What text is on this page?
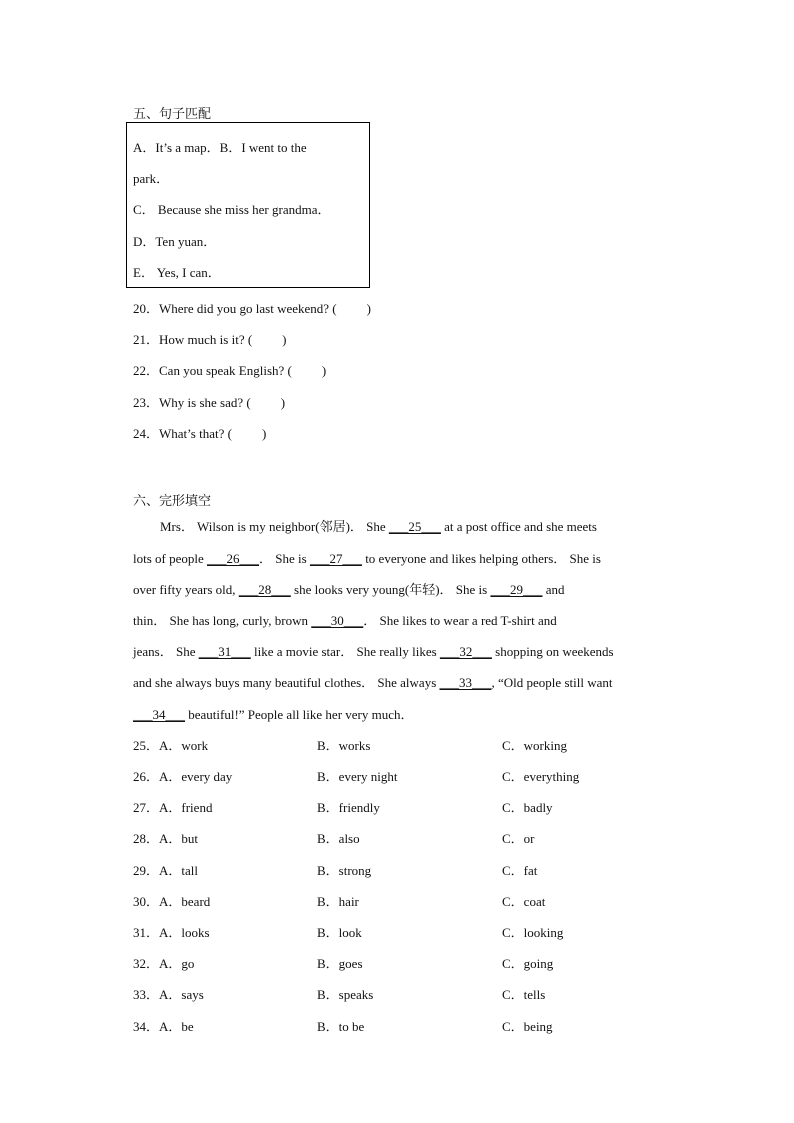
五、句子匹配
A．It’s a map．B．I went to the
park．
C． Because she miss her grandma．
D．Ten yuan．
E． Yes, I can．
20．Where did you go last weekend? ( )
21．How much is it? ( )
22．Can you speak English? ( )
23．Why is she sad? ( )
24．What’s that? ( )
六、完形填空
Mrs． Wilson is my neighbor(邻居)． She ___25___ at a post office and she meets
lots of people ___26___． She is ___27___ to everyone and likes helping others． She is
over fifty years old, ___28___ she looks very young(年轻)． She is ___29___ and
thin． She has long, curly, brown ___30___． She likes to wear a red T-shirt and
jeans． She ___31___ like a movie star． She really likes ___32___ shopping on weekends
and she always buys many beautiful clothes． She always ___33___, “Old people still want
___34___ beautiful!” People all like her very much．
25．A．work	B．works	C．working
26．A．every day	B．every night	C．everything
27．A．friend	B．friendly	C．badly
28．A．but	B．also	C．or
29．A．tall	B．strong	C．fat
30．A．beard	B．hair	C．coat
31．A．looks	B．look	C．looking
32．A．go	B．goes	C．going
33．A．says	B．speaks	C．tells
34．A．be	B．to be	C．being
